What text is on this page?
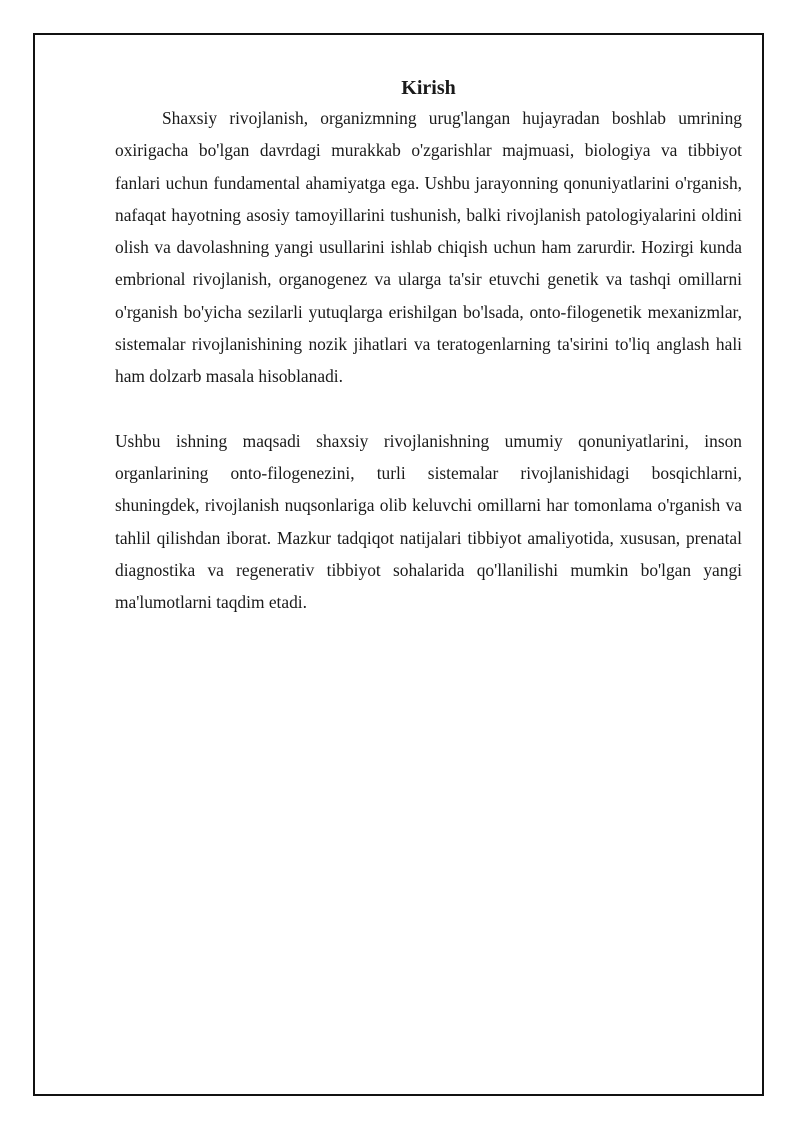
Kirish

Shaxsiy rivojlanish, organizmning urug'langan hujayradan boshlab umrining oxirigacha bo'lgan davrdagi murakkab o'zgarishlar majmuasi, biologiya va tibbiyot fanlari uchun fundamental ahamiyatga ega. Ushbu jarayonning qonuniyatlarini o'rganish, nafaqat hayotning asosiy tamoyillarini tushunish, balki rivojlanish patologiyalarini oldini olish va davolashning yangi usullarini ishlab chiqish uchun ham zarurdir. Hozirgi kunda embrional rivojlanish, organogenez va ularga ta'sir etuvchi genetik va tashqi omillarni o'rganish bo'yicha sezilarli yutuqlarga erishilgan bo'lsada, onto-filogenetik mexanizmlar, sistemalar rivojlanishining nozik jihatlari va teratogenlarning ta'sirini to'liq anglash hali ham dolzarb masala hisoblanadi.

Ushbu ishning maqsadi shaxsiy rivojlanishning umumiy qonuniyatlarini, inson organlarining onto-filogenezini, turli sistemalar rivojlanishidagi bosqichlarni, shuningdek, rivojlanish nuqsonlariga olib keluvchi omillarni har tomonlama o'rganish va tahlil qilishdan iborat. Mazkur tadqiqot natijalari tibbiyot amaliyotida, xususan, prenatal diagnostika va regenerativ tibbiyot sohalarida qo'llanilishi mumkin bo'lgan yangi ma'lumotlarni taqdim etadi.
